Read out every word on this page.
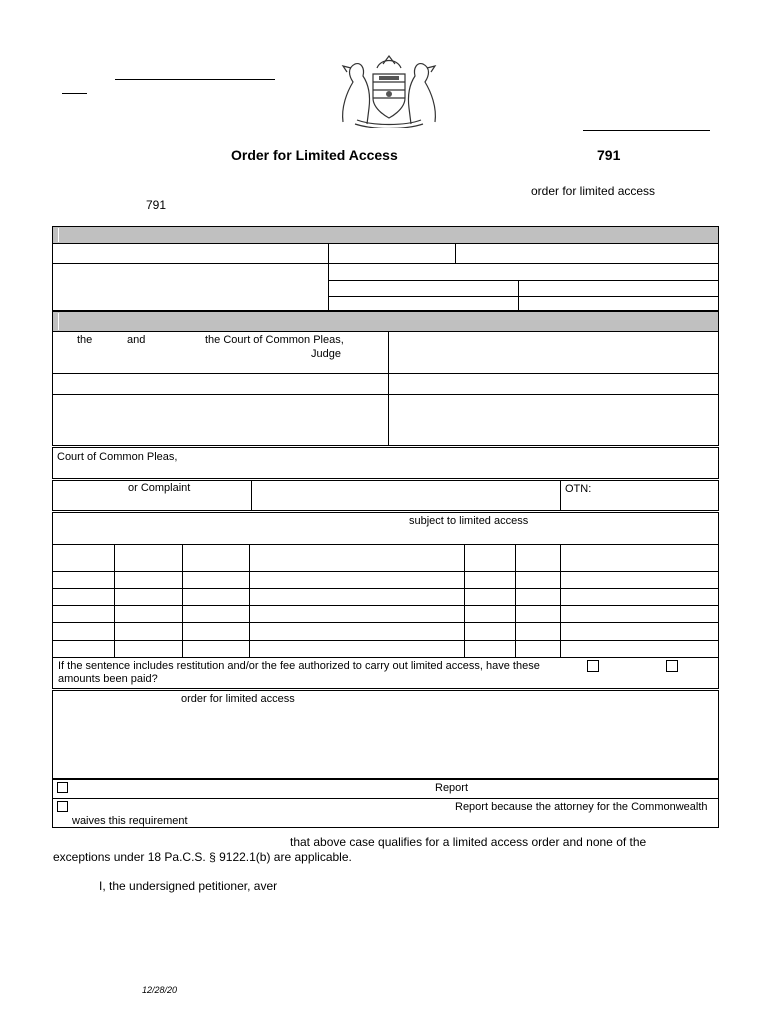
Order for Limited Access	791
order for limited access
791
the	and	the Court of Common Pleas,
Judge
Court of Common Pleas,
or Complaint	OTN:
subject to limited access
If the sentence includes restitution and/or the fee authorized to carry out limited access, have these
amounts been paid?
order for limited access
Report
Report because the attorney for the Commonwealth
waives this requirement
that above case qualifies for a limited access order and none of the
exceptions under 18 Pa.C.S. § 9122.1(b) are applicable.
I, the undersigned petitioner, aver
12/28/20
